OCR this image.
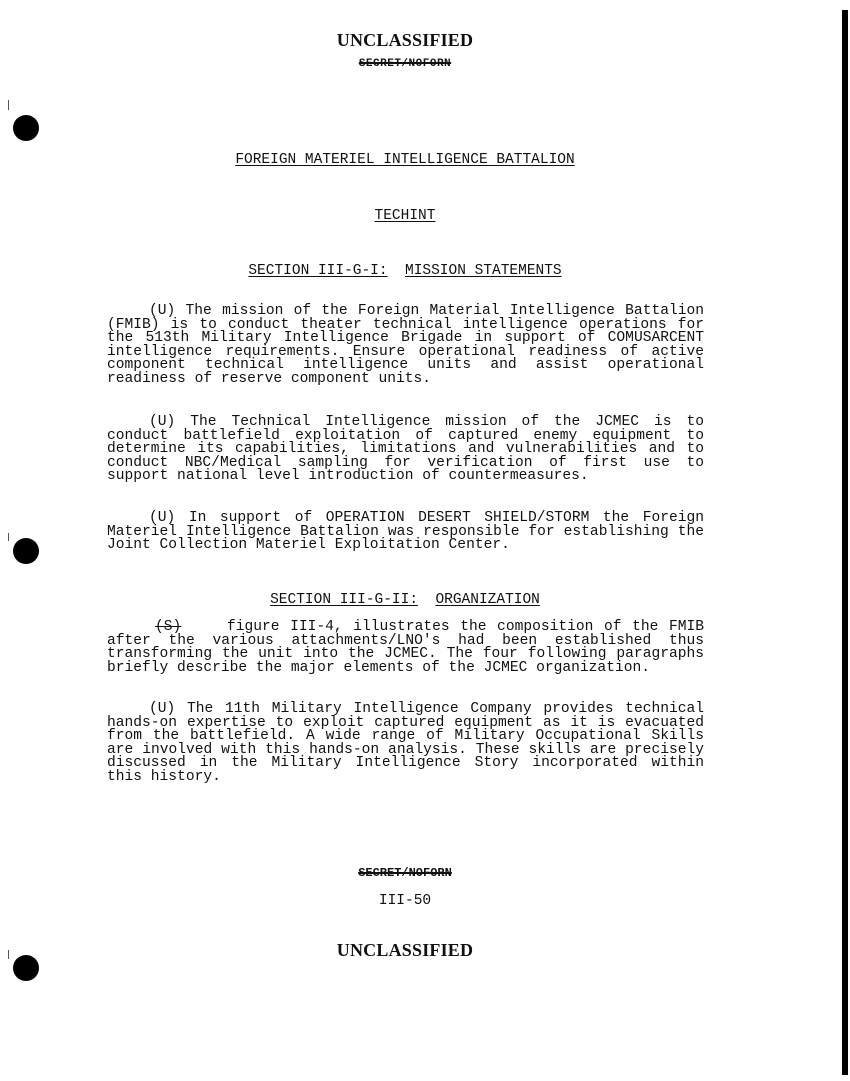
UNCLASSIFIED
SECRET/NOFORN
FOREIGN MATERIEL INTELLIGENCE BATTALION
TECHINT
SECTION III-G-I: MISSION STATEMENTS
(U) The mission of the Foreign Material Intelligence Battalion (FMIB) is to conduct theater technical intelligence operations for the 513th Military Intelligence Brigade in support of COMUSARCENT intelligence requirements. Ensure operational readiness of active component technical intelligence units and assist operational readiness of reserve component units.
(U) The Technical Intelligence mission of the JCMEC is to conduct battlefield exploitation of captured enemy equipment to determine its capabilities, limitations and vulnerabilities and to conduct NBC/Medical sampling for verification of first use to support national level introduction of countermeasures.
(U) In support of OPERATION DESERT SHIELD/STORM the Foreign Materiel Intelligence Battalion was responsible for establishing the Joint Collection Materiel Exploitation Center.
SECTION III-G-II: ORGANIZATION
(S)	figure III-4, illustrates the composition of the FMIB after the various attachments/LNO's had been established thus transforming the unit into the JCMEC. The four following paragraphs briefly describe the major elements of the JCMEC organization.
(U) The 11th Military Intelligence Company provides technical hands-on expertise to exploit captured equipment as it is evacuated from the battlefield. A wide range of Military Occupational Skills are involved with this hands-on analysis. These skills are precisely discussed in the Military Intelligence Story incorporated within this history.
SECRET/NOFORN
III-50
UNCLASSIFIED
